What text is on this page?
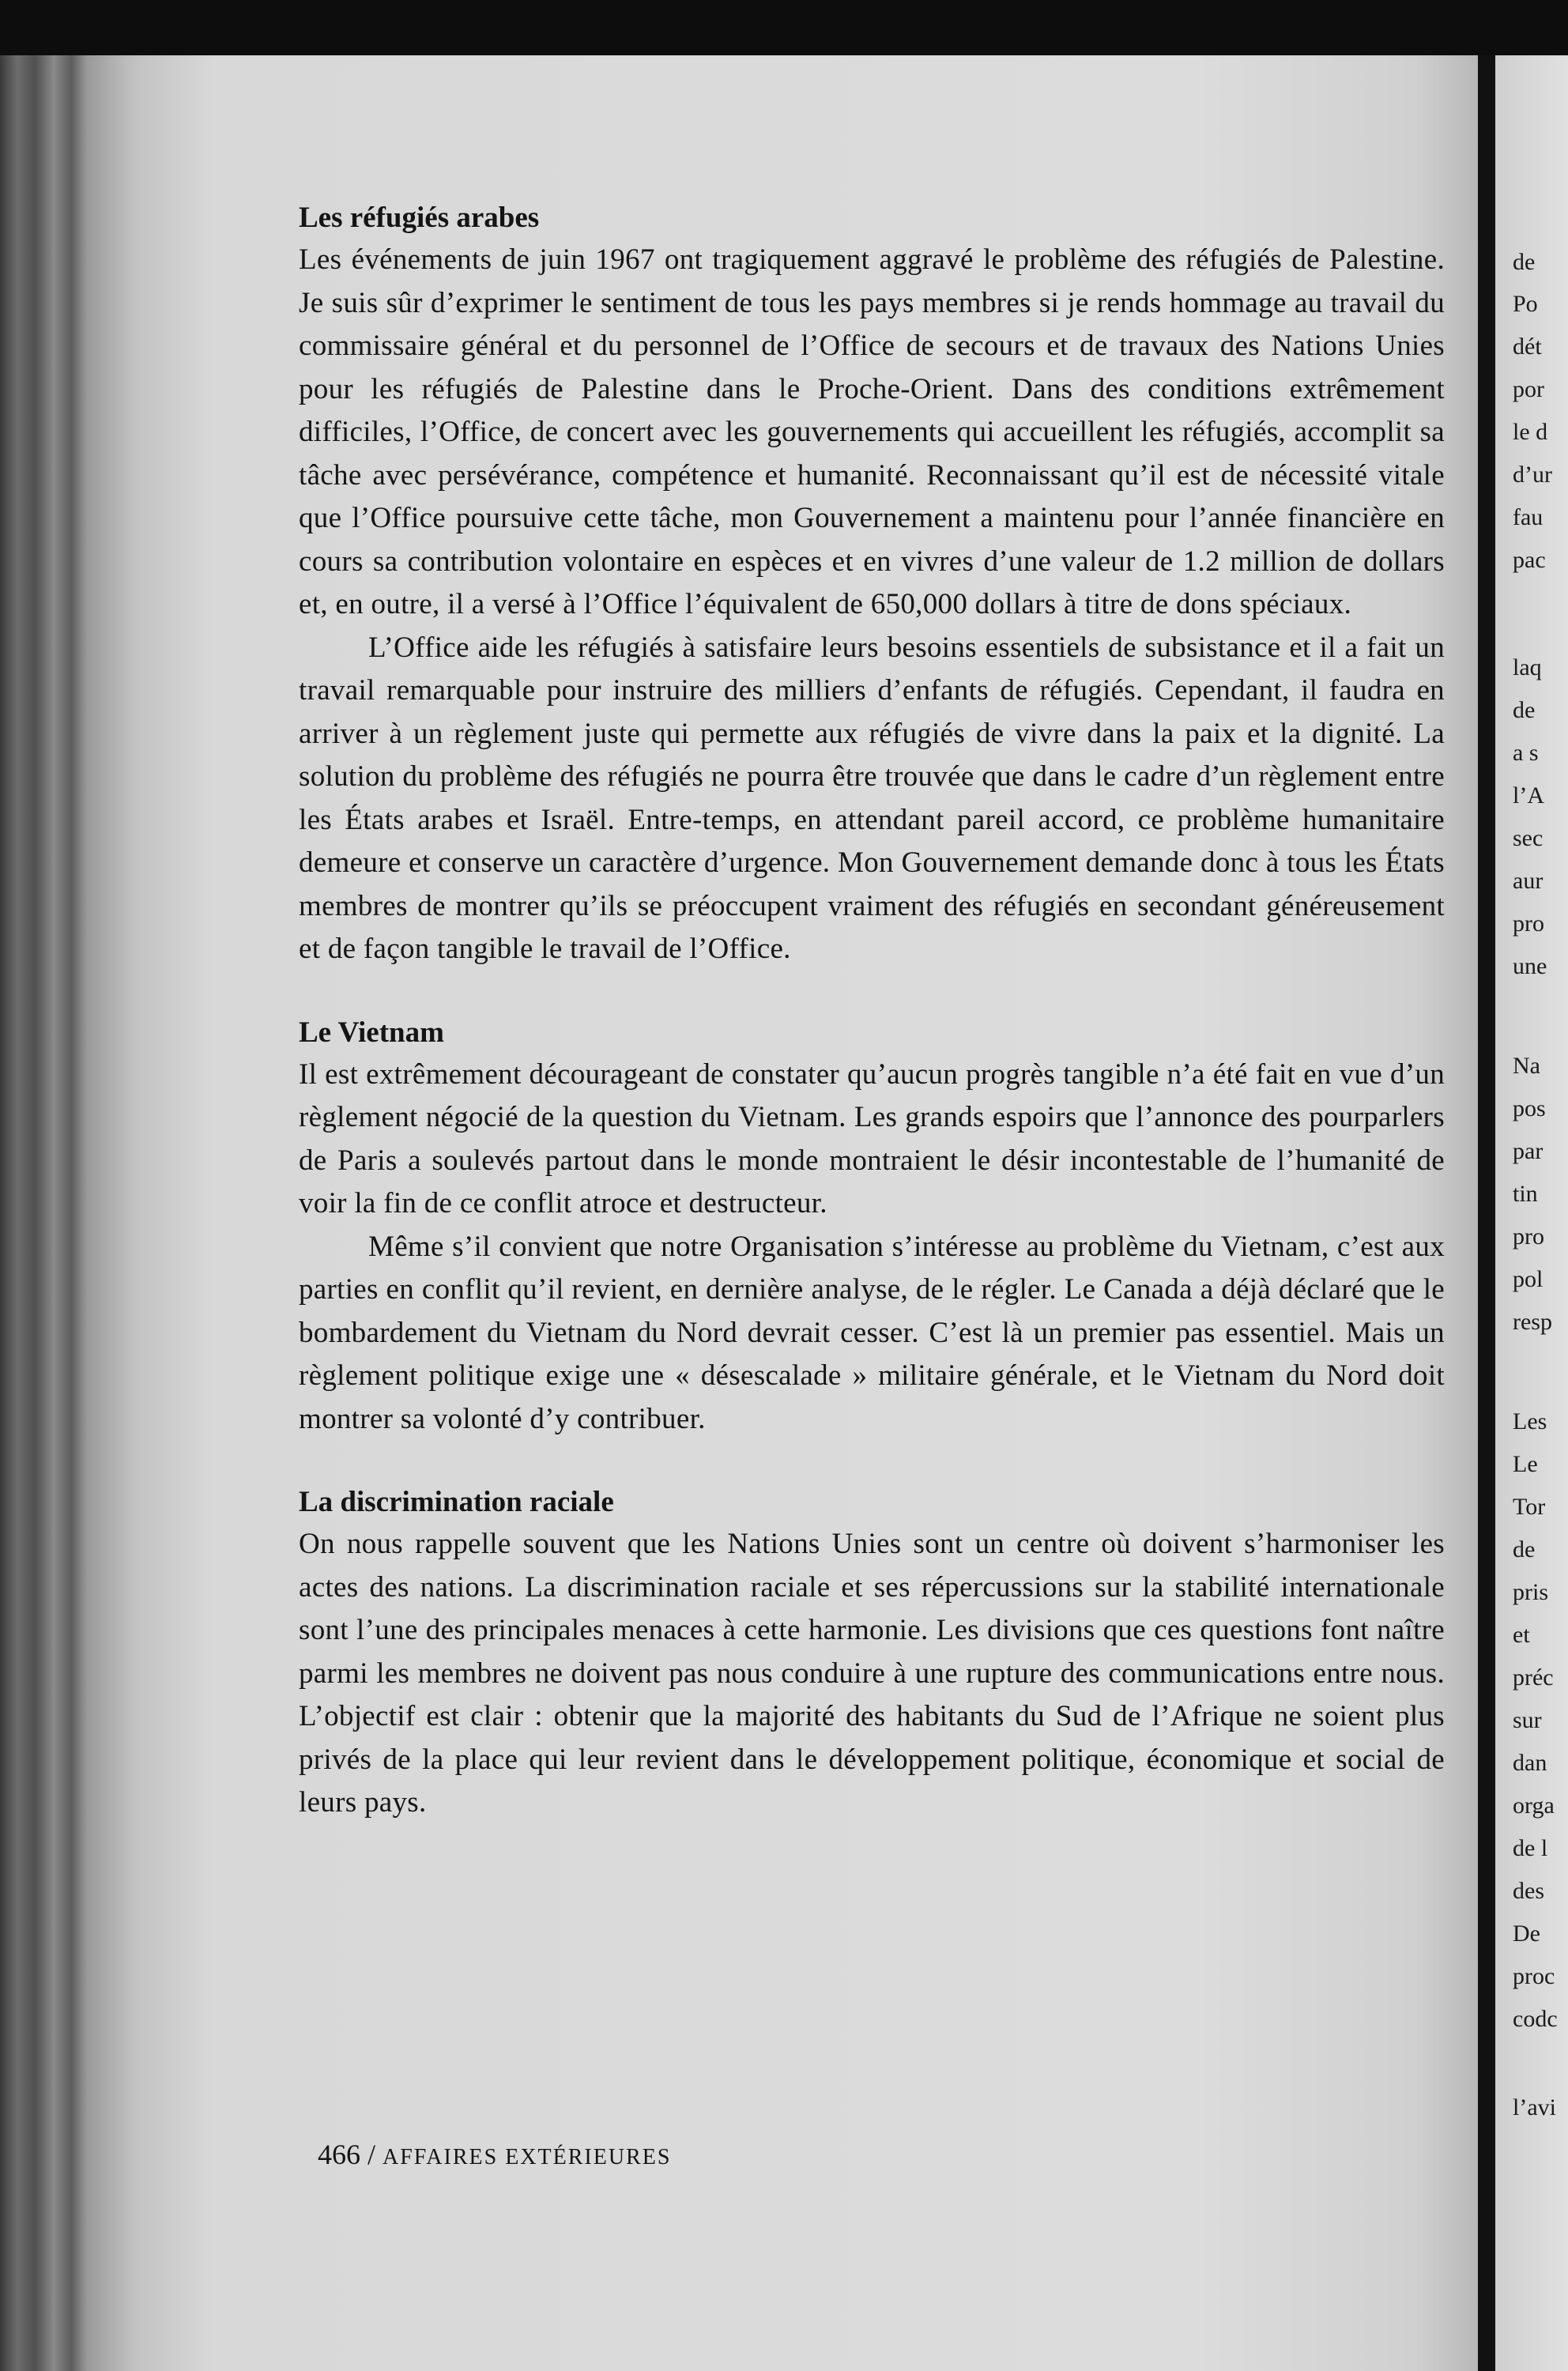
Les réfugiés arabes

Les événements de juin 1967 ont tragiquement aggravé le problème des réfugiés de Palestine. Je suis sûr d’exprimer le sentiment de tous les pays membres si je rends hommage au travail du commissaire général et du personnel de l’Office de secours et de travaux des Nations Unies pour les réfugiés de Palestine dans le Proche-Orient. Dans des conditions extrêmement difficiles, l’Office, de concert avec les gouvernements qui accueillent les réfugiés, accomplit sa tâche avec persévérance, compétence et humanité. Reconnaissant qu’il est de nécessité vitale que l’Office poursuive cette tâche, mon Gouvernement a maintenu pour l’année financière en cours sa contribution volontaire en espèces et en vivres d’une valeur de 1.2 million de dollars et, en outre, il a versé à l’Office l’équivalent de 650,000 dollars à titre de dons spéciaux.

L’Office aide les réfugiés à satisfaire leurs besoins essentiels de subsistance et il a fait un travail remarquable pour instruire des milliers d’enfants de réfugiés. Cependant, il faudra en arriver à un règlement juste qui permette aux réfugiés de vivre dans la paix et la dignité. La solution du problème des réfugiés ne pourra être trouvée que dans le cadre d’un règlement entre les États arabes et Israël. Entre-temps, en attendant pareil accord, ce problème humanitaire demeure et conserve un caractère d’urgence. Mon Gouvernement demande donc à tous les États membres de montrer qu’ils se préoccupent vraiment des réfugiés en secondant généreusement et de façon tangible le travail de l’Office.

Le Vietnam

Il est extrêmement décourageant de constater qu’aucun progrès tangible n’a été fait en vue d’un règlement négocié de la question du Vietnam. Les grands espoirs que l’annonce des pourparlers de Paris a soulevés partout dans le monde montraient le désir incontestable de l’humanité de voir la fin de ce conflit atroce et destructeur.

Même s’il convient que notre Organisation s’intéresse au problème du Vietnam, c’est aux parties en conflit qu’il revient, en dernière analyse, de le régler. Le Canada a déjà déclaré que le bombardement du Vietnam du Nord devrait cesser. C’est là un premier pas essentiel. Mais un règlement politique exige une « désescalade » militaire générale, et le Vietnam du Nord doit montrer sa volonté d’y contribuer.

La discrimination raciale

On nous rappelle souvent que les Nations Unies sont un centre où doivent s’harmoniser les actes des nations. La discrimination raciale et ses répercussions sur la stabilité internationale sont l’une des principales menaces à cette harmonie. Les divisions que ces questions font naître parmi les membres ne doivent pas nous conduire à une rupture des communications entre nous. L’objectif est clair : obtenir que la majorité des habitants du Sud de l’Afrique ne soient plus privés de la place qui leur revient dans le développement politique, économique et social de leurs pays.

466 / AFFAIRES EXTÉRIEURES
de
Po
dét
por
le d
d’ur
fau
pac
laq
de
a s
l’A
sec
aur
pro
une
Na
pos
par
tin
pro
pol
resp
Les
Le
Tor
de
pris
et
préc
sur
dan
orga
de l
des
De
proc
codc
l’avi
